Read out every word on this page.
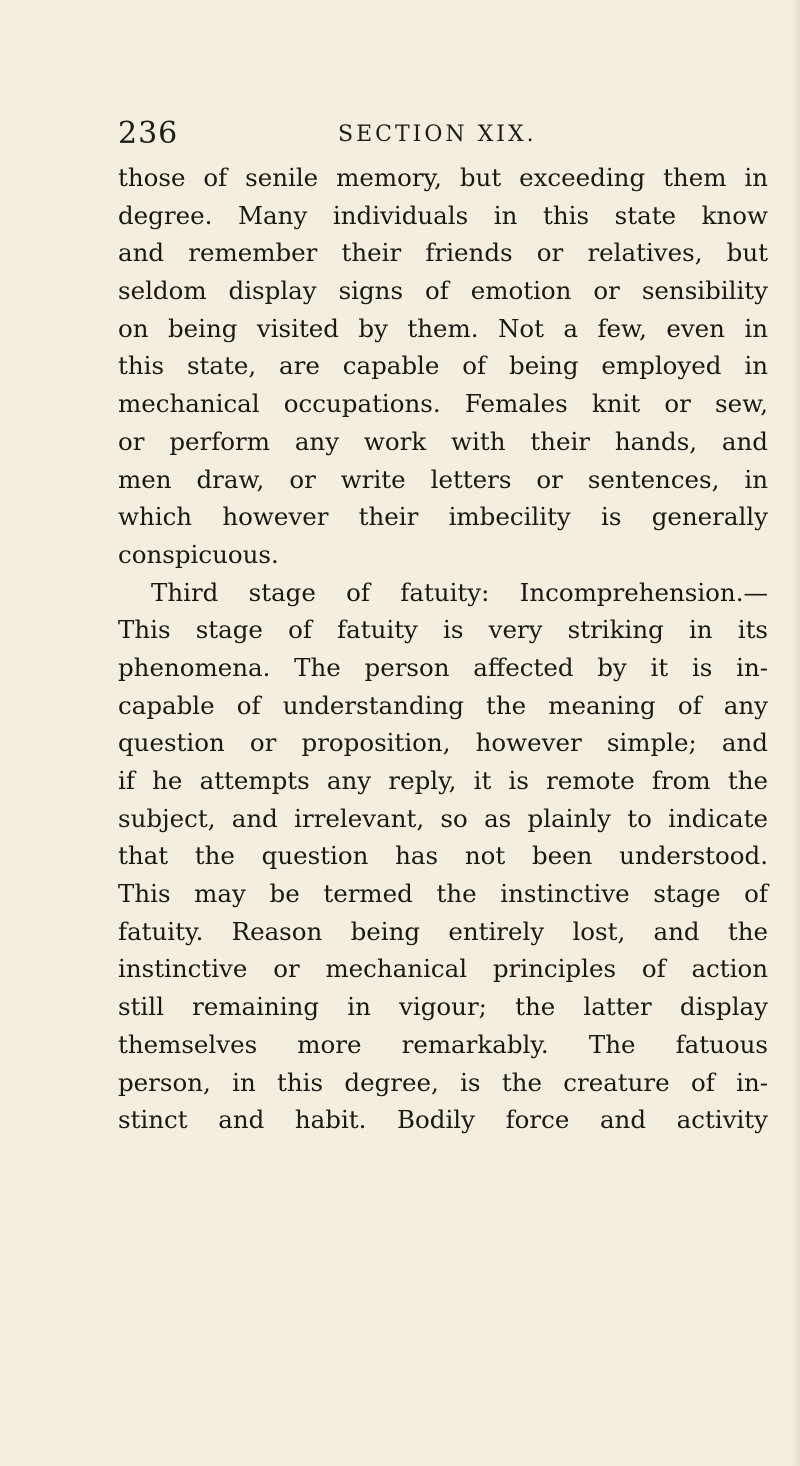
236	SECTION XIX.
those of senile memory, but exceeding them in
degree. Many individuals in this state know
and remember their friends or relatives, but
seldom display signs of emotion or sensibility
on being visited by them. Not a few, even in
this state, are capable of being employed in
mechanical occupations. Females knit or sew,
or perform any work with their hands, and
men draw, or write letters or sentences, in
which however their imbecility is generally
conspicuous.
Third stage of fatuity: Incomprehension.—
This stage of fatuity is very striking in its
phenomena. The person affected by it is in-
capable of understanding the meaning of any
question or proposition, however simple; and
if he attempts any reply, it is remote from the
subject, and irrelevant, so as plainly to indicate
that the question has not been understood.
This may be termed the instinctive stage of
fatuity. Reason being entirely lost, and the
instinctive or mechanical principles of action
still remaining in vigour; the latter display
themselves more remarkably. The fatuous
person, in this degree, is the creature of in-
stinct and habit. Bodily force and activity
